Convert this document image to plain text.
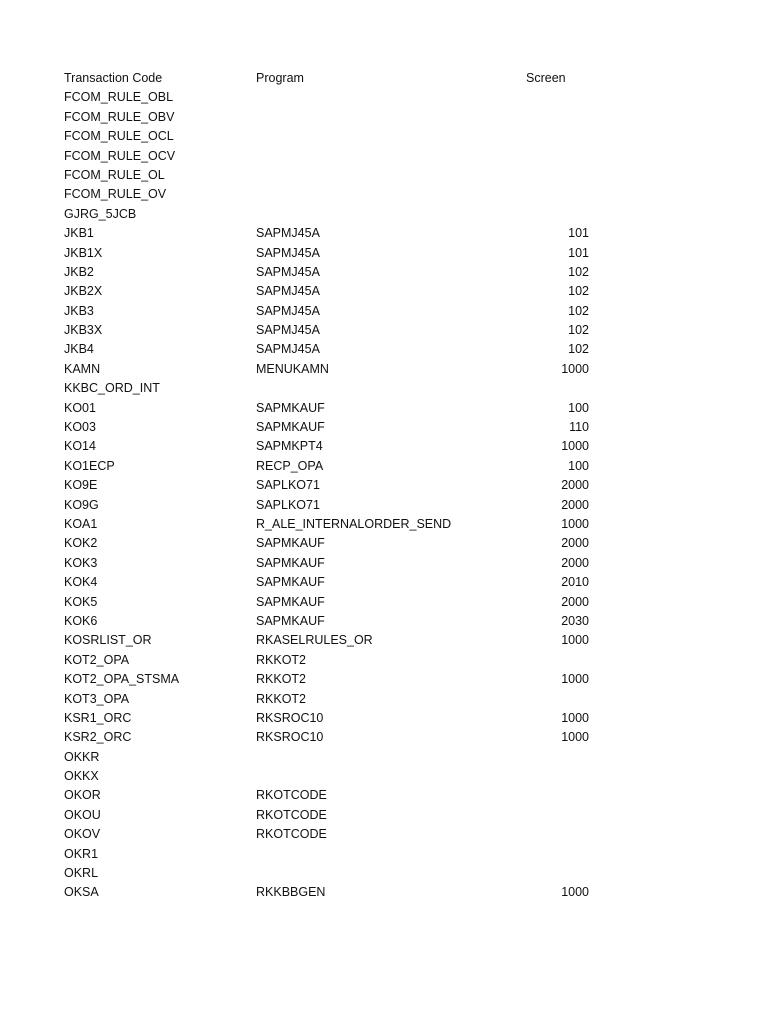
Transaction Code	Program	Screen
FCOM_RULE_OBL
FCOM_RULE_OBV
FCOM_RULE_OCL
FCOM_RULE_OCV
FCOM_RULE_OL
FCOM_RULE_OV
GJRG_5JCB
JKB1	SAPMJ45A	101
JKB1X	SAPMJ45A	101
JKB2	SAPMJ45A	102
JKB2X	SAPMJ45A	102
JKB3	SAPMJ45A	102
JKB3X	SAPMJ45A	102
JKB4	SAPMJ45A	102
KAMN	MENUKAMN	1000
KKBC_ORD_INT
KO01	SAPMKAUF	100
KO03	SAPMKAUF	110
KO14	SAPMKPT4	1000
KO1ECP	RECP_OPA	100
KO9E	SAPLKO71	2000
KO9G	SAPLKO71	2000
KOA1	R_ALE_INTERNALORDER_SEND	1000
KOK2	SAPMKAUF	2000
KOK3	SAPMKAUF	2000
KOK4	SAPMKAUF	2010
KOK5	SAPMKAUF	2000
KOK6	SAPMKAUF	2030
KOSRLIST_OR	RKASELRULES_OR	1000
KOT2_OPA	RKKOT2
KOT2_OPA_STSMA	RKKOT2	1000
KOT3_OPA	RKKOT2
KSR1_ORC	RKSROC10	1000
KSR2_ORC	RKSROC10	1000
OKKR
OKKX
OKOR	RKOTCODE
OKOU	RKOTCODE
OKOV	RKOTCODE
OKR1
OKRL
OKSA	RKKBBGEN	1000
